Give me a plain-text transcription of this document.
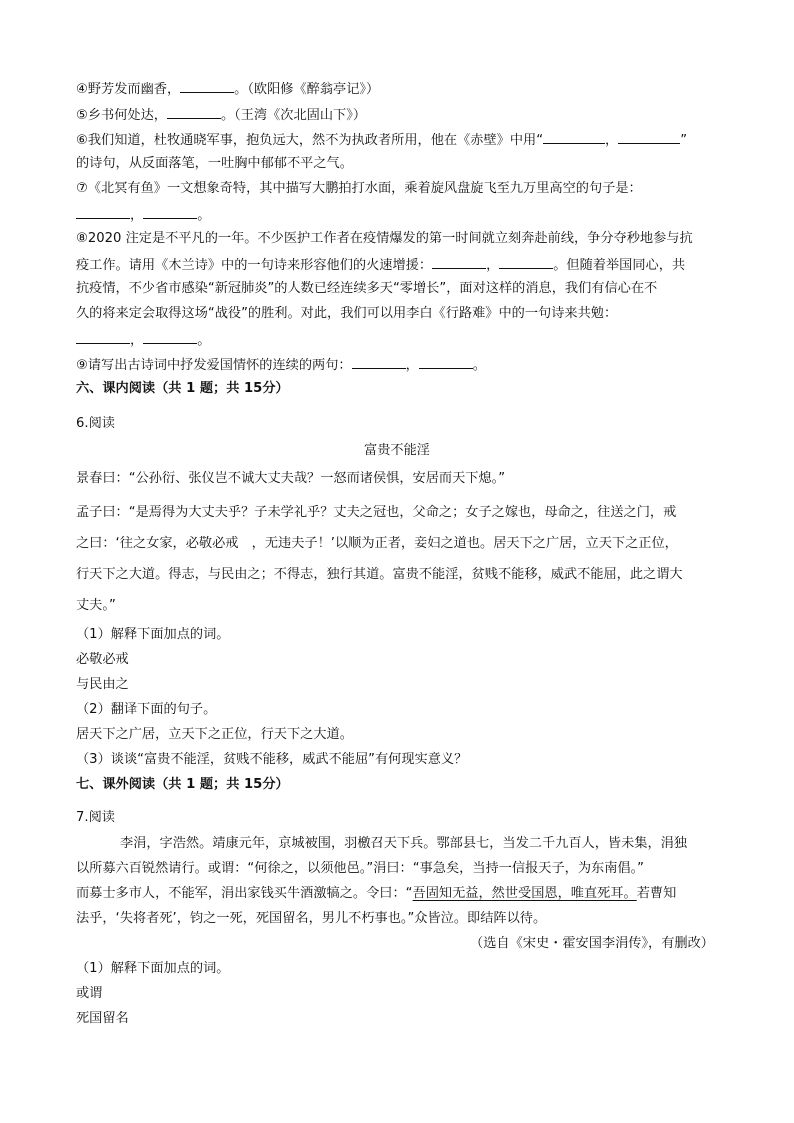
④野芳发而幽香，	。（欧阳修《醉翁亭记》）
⑤乡书何处达，	。（王湾《次北固山下》）
⑥我们知道，杜牧通晓军事，抱负远大，然不为执政者所用，他在《赤壁》中用“	，	”
的诗句，从反面落笔，一吐胸中郁郁不平之气。
⑦《北冥有鱼》一文想象奇特，其中描写大鹏拍打水面，乘着旋风盘旋飞至九万里高空的句子是：
，	。
⑧2020 注定是不平凡的一年。不少医护工作者在疫情爆发的第一时间就立刻奔赴前线，争分夺秒地参与抗
疫工作。请用《木兰诗》中的一句诗来形容他们的火速增援：	，	。但随着举国同心，共
抗疫情，不少省市感染“新冠肺炎”的人数已经连续多天“零增长”，面对这样的消息，我们有信心在不
久的将来定会取得这场“战役”的胜利。对此，我们可以用李白《行路难》中的一句诗来共勉：
，	。
⑨请写出古诗词中抒发爱国情怀的连续的两句：	，	。
六、课内阅读（共 1 题；共 15分）
6.阅读
富贵不能淫
景春曰：“公孙衍、张仪岂不诚大丈夫哉？一怒而诸侯惧，安居而天下熄。”
孟子曰：“是焉得为大丈夫乎？子未学礼乎？丈夫之冠也，父命之；女子之嫁也，母命之，往送之门，戒
之曰：‘往之女家，必敬必戒　，无违夫子！’以顺为正者，妾妇之道也。居天下之广居，立天下之正位，
行天下之大道。得志，与民由之；不得志，独行其道。富贵不能淫，贫贱不能移，威武不能屈，此之谓大
丈夫。”
（1）解释下面加点的词。
必敬必戒
与民由之
（2）翻译下面的句子。
居天下之广居，立天下之正位，行天下之大道。
（3）谈谈“富贵不能淫，贫贱不能移，威武不能屈”有何现实意义？
七、课外阅读（共 1 题；共 15分）
7.阅读
李涓，字浩然。靖康元年，京城被围，羽檄召天下兵。鄂部县七，当发二千九百人，皆未集，涓独
以所募六百锐然请行。或谓：“何徐之，以须他邑。”涓曰：“事急矣，当持一信报天子，为东南倡。”
而募士多市人，不能军，涓出家钱买牛酒激犒之。令曰：“吾固知无益，然世受国恩，唯直死耳。若曹知
法乎，‘失将者死’，钧之一死，死国留名，男儿不朽事也。”众皆泣。即结阵以待。
（选自《宋史・霍安国李涓传》，有删改）
（1）解释下面加点的词。
或谓
死国留名
